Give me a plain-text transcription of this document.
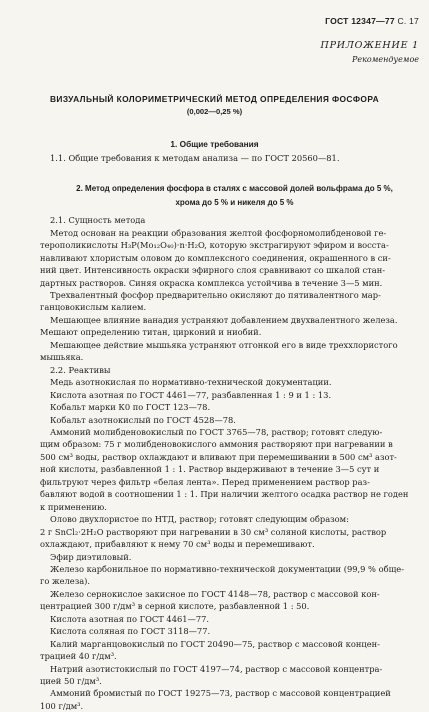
ГОСТ 12347—77 С. 17
ПРИЛОЖЕНИЕ 1
Рекомендуемое
ВИЗУАЛЬНЫЙ КОЛОРИМЕТРИЧЕСКИЙ МЕТОД ОПРЕДЕЛЕНИЯ ФОСФОРА
(0,002—0,25 %)
1. Общие требования
2. Метод определения фосфора в сталях с массовой долей вольфрама до 5 %, хрома до 5 % и никеля до 5 %

1.1. Общие требования к методам анализа — по ГОСТ 20560—81.

2.1. Сущность метода

Метод основан на реакции образования желтой фосфорномолибденовой ге-

терополикислоты H₃P(Mo₁₂O₄₀)·n·H₂O, которую экстрагируют эфиром и восста-

навливают хлористым оловом до комплексного соединения, окрашенного в си-

ний цвет. Интенсивность окраски эфирного слоя сравнивают со шкалой стан-

дартных растворов. Синяя окраска комплекса устойчива в течение 3—5 мин.

Трехвалентный фосфор предварительно окисляют до пятивалентного мар-

ганцовокислым калием.

Мешающее влияние ванадия устраняют добавлением двухвалентного железа.

Мешают определению титан, цирконий и ниобий.

Мешающее действие мышьяка устраняют отгонкой его в виде треххлористого

мышьяка.

2.2. Реактивы

Медь азотнокислая по нормативно-технической документации.

Кислота азотная по ГОСТ 4461—77, разбавленная 1 : 9 и 1 : 13.

Кобальт марки К0 по ГОСТ 123—78.

Кобальт азотнокислый по ГОСТ 4528—78.

Аммоний молибденовокислый по ГОСТ 3765—78, раствор; готовят следую-

щим образом: 75 г молибденовокислого аммония растворяют при нагревании в

500 см³ воды, раствор охлаждают и вливают при перемешивании в 500 см³ азот-

ной кислоты, разбавленной 1 : 1. Раствор выдерживают в течение 3—5 сут и

фильтруют через фильтр «белая лента». Перед применением раствор раз-

бавляют водой в соотношении 1 : 1. При наличии желтого осадка раствор не годен

к применению.

Олово двухлористое по НТД, раствор; готовят следующим образом:

2 г SnCl₂·2H₂O растворяют при нагревании в 30 см³ соляной кислоты, раствор

охлаждают, прибавляют к нему 70 см³ воды и перемешивают.

Эфир диэтиловый.

Железо карбонильное по нормативно-технической документации (99,9 % обще-

го железа).

Железо сернокислое закисное по ГОСТ 4148—78, раствор с массовой кон-

центрацией 300 г/дм³ в серной кислоте, разбавленной 1 : 50.

Кислота азотная по ГОСТ 4461—77.

Кислота соляная по ГОСТ 3118—77.

Калий марганцовокислый по ГОСТ 20490—75, раствор с массовой концен-

трацией 40 г/дм³.

Натрий азотистокислый по ГОСТ 4197—74, раствор с массовой концентра-

цией 50 г/дм³.

Аммоний бромистый по ГОСТ 19275—73, раствор с массовой концентрацией

100 г/дм³.
